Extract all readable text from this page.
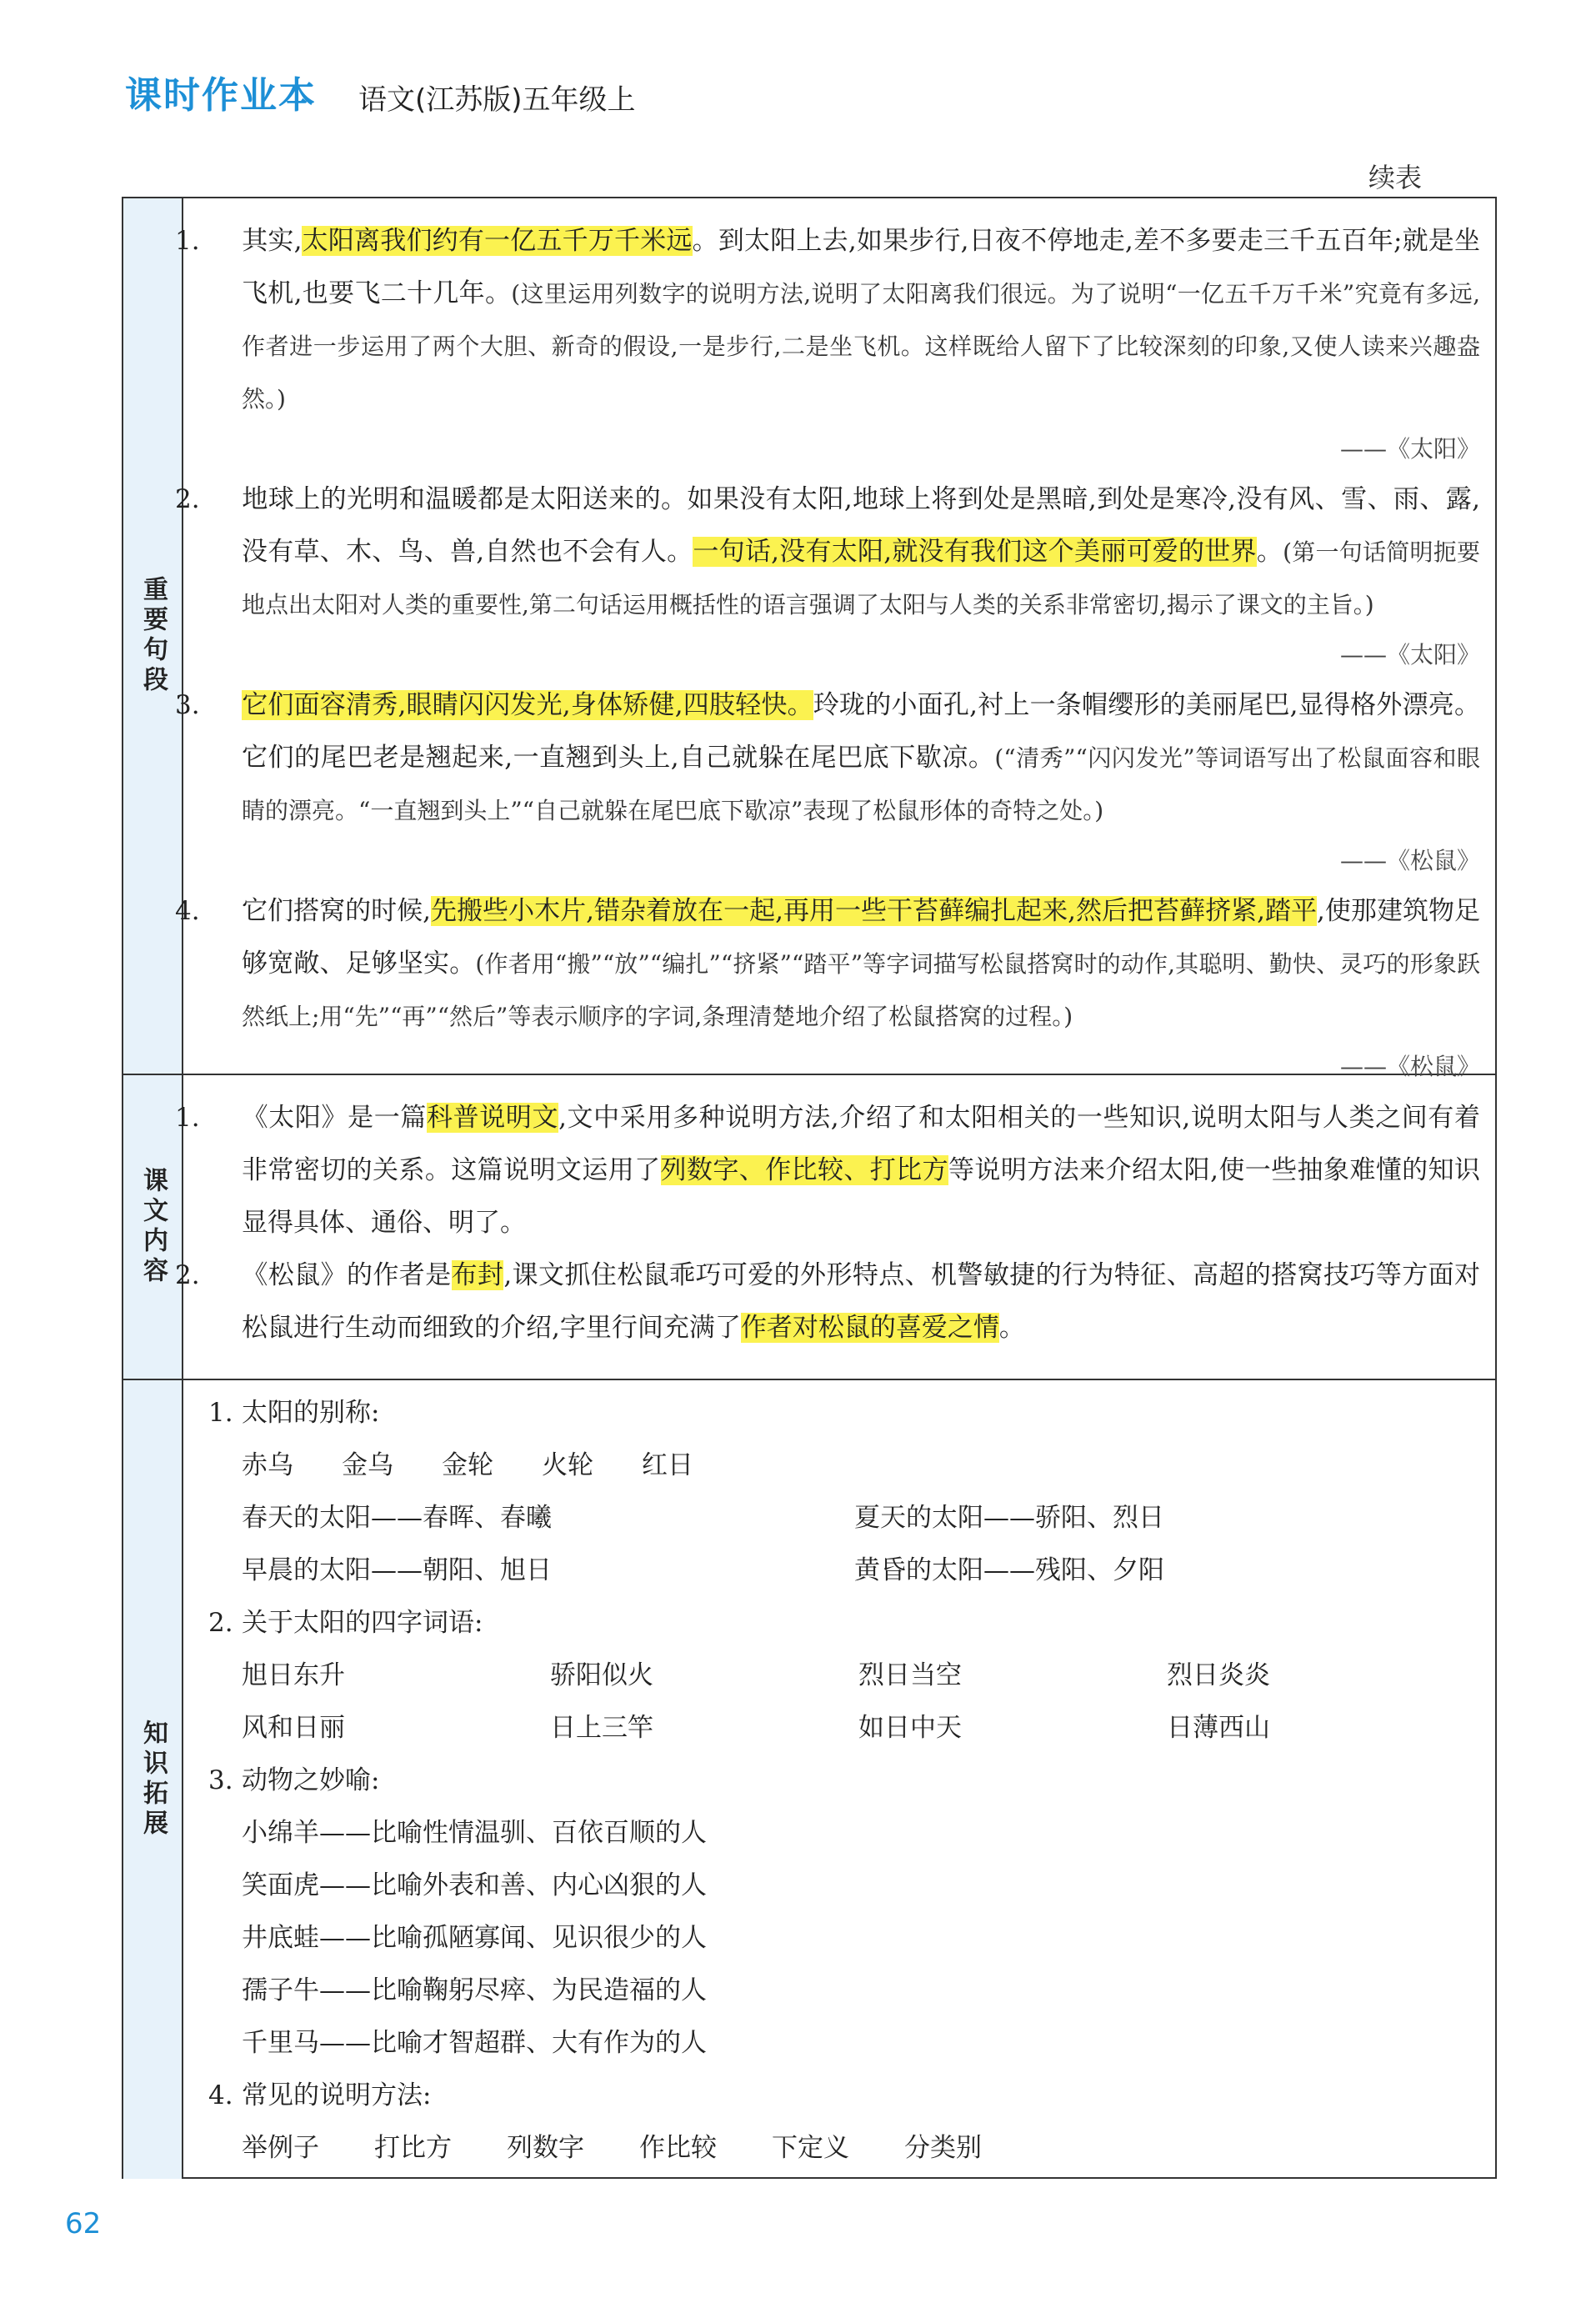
课时作业本 语文(江苏版)五年级上
续表
重要句段
1. 其实,太阳离我们约有一亿五千万千米远。到太阳上去,如果步行,日夜不停地走,差不多要走三千五百年;就是坐飞机,也要飞二十几年。(这里运用列数字的说明方法,说明了太阳离我们很远。为了说明“一亿五千万千米”究竟有多远,作者进一步运用了两个大胆、新奇的假设,一是步行,二是坐飞机。这样既给人留下了比较深刻的印象,又使人读来兴趣盎然。)
——《太阳》
2. 地球上的光明和温暖都是太阳送来的。如果没有太阳,地球上将到处是黑暗,到处是寒冷,没有风、雪、雨、露,没有草、木、鸟、兽,自然也不会有人。一句话,没有太阳,就没有我们这个美丽可爱的世界。(第一句话简明扼要地点出太阳对人类的重要性,第二句话运用概括性的语言强调了太阳与人类的关系非常密切,揭示了课文的主旨。)
——《太阳》
3. 它们面容清秀,眼睛闪闪发光,身体矫健,四肢轻快。玲珑的小面孔,衬上一条帽缨形的美丽尾巴,显得格外漂亮。它们的尾巴老是翘起来,一直翘到头上,自己就躲在尾巴底下歇凉。(“清秀”“闪闪发光”等词语写出了松鼠面容和眼睛的漂亮。“一直翘到头上”“自己就躲在尾巴底下歇凉”表现了松鼠形体的奇特之处。)
——《松鼠》
4. 它们搭窝的时候,先搬些小木片,错杂着放在一起,再用一些干苔藓编扎起来,然后把苔藓挤紧,踏平,使那建筑物足够宽敞、足够坚实。(作者用“搬”“放”“编扎”“挤紧”“踏平”等字词描写松鼠搭窝时的动作,其聪明、勤快、灵巧的形象跃然纸上;用“先”“再”“然后”等表示顺序的字词,条理清楚地介绍了松鼠搭窝的过程。)
——《松鼠》
课文内容
1. 《太阳》是一篇科普说明文,文中采用多种说明方法,介绍了和太阳相关的一些知识,说明太阳与人类之间有着非常密切的关系。这篇说明文运用了列数字、作比较、打比方等说明方法来介绍太阳,使一些抽象难懂的知识显得具体、通俗、明了。
2. 《松鼠》的作者是布封,课文抓住松鼠乖巧可爱的外形特点、机警敏捷的行为特征、高超的搭窝技巧等方面对松鼠进行生动而细致的介绍,字里行间充满了作者对松鼠的喜爱之情。
知识拓展
1. 太阳的别称:
赤乌 金乌 金轮 火轮 红日
春天的太阳——春晖、春曦	夏天的太阳——骄阳、烈日
早晨的太阳——朝阳、旭日	黄昏的太阳——残阳、夕阳
2. 关于太阳的四字词语:
旭日东升	骄阳似火	烈日当空	烈日炎炎
风和日丽	日上三竿	如日中天	日薄西山
3. 动物之妙喻:
小绵羊——比喻性情温驯、百依百顺的人
笑面虎——比喻外表和善、内心凶狠的人
井底蛙——比喻孤陋寡闻、见识很少的人
孺子牛——比喻鞠躬尽瘁、为民造福的人
千里马——比喻才智超群、大有作为的人
4. 常见的说明方法:
举例子 打比方 列数字 作比较 下定义 分类别
62
